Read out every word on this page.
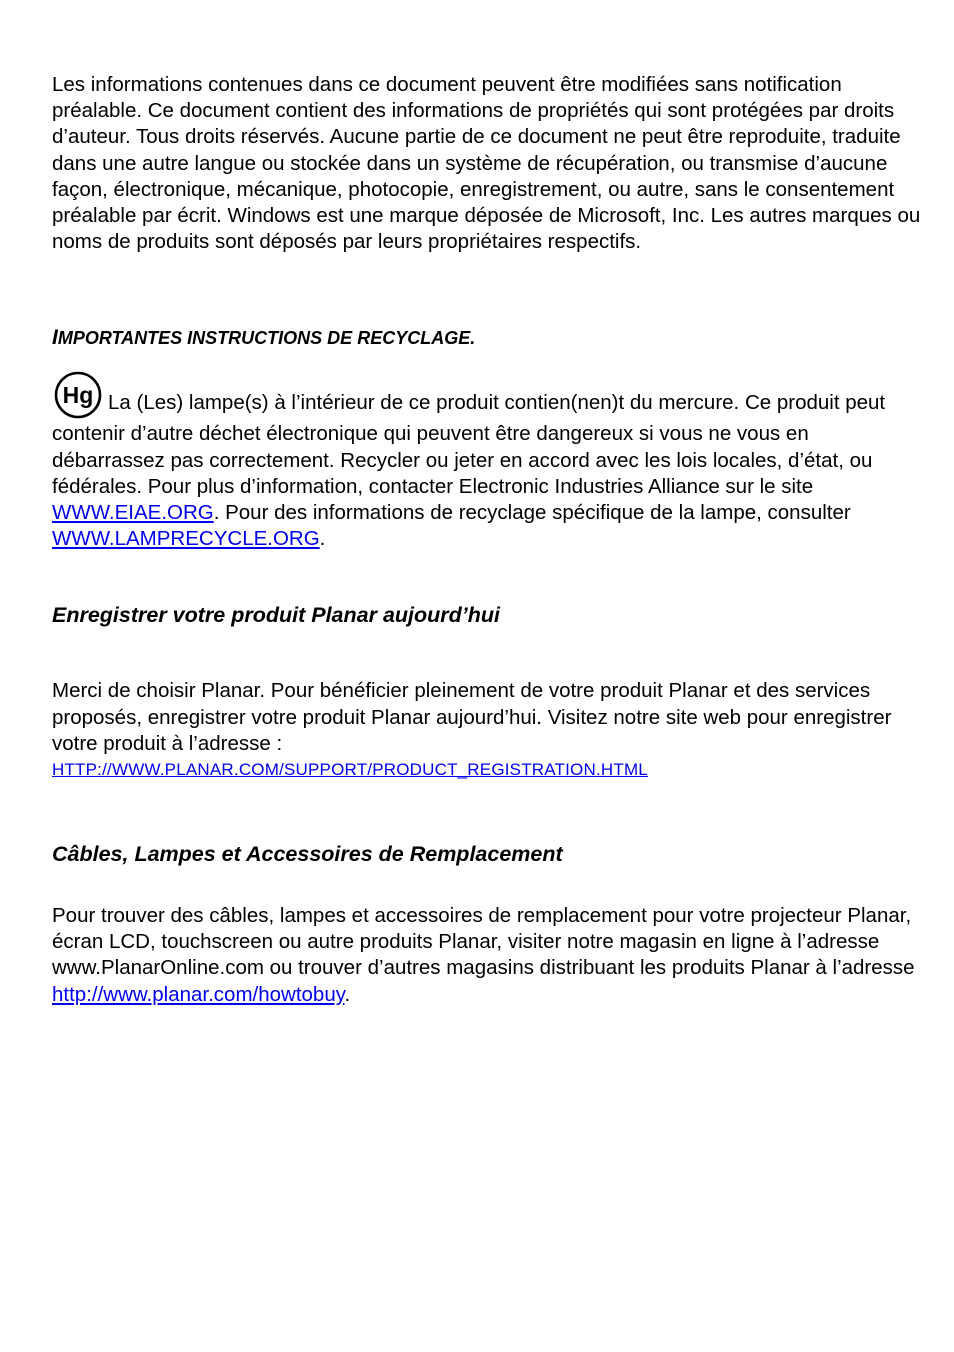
Les informations contenues dans ce document peuvent être modifiées sans notification préalable. Ce document contient des informations de propriétés qui sont protégées par droits d’auteur. Tous droits réservés. Aucune partie de ce document ne peut être reproduite, traduite dans une autre langue ou stockée dans un système de récupération, ou transmise d’aucune façon, électronique, mécanique, photocopie, enregistrement, ou autre, sans le consentement préalable par écrit. Windows est une marque déposée de Microsoft, Inc. Les autres marques ou noms de produits sont déposés par leurs propriétaires respectifs.

IMPORTANTES INSTRUCTIONS DE RECYCLAGE.

Hg La (Les) lampe(s) à l’intérieur de ce produit contien(nen)t du mercure. Ce produit peut contenir d’autre déchet électronique qui peuvent être dangereux si vous ne vous en débarrassez pas correctement. Recycler ou jeter en accord avec les lois locales, d’état, ou fédérales. Pour plus d’information, contacter Electronic Industries Alliance sur le site WWW.EIAE.ORG. Pour des informations de recyclage spécifique de la lampe, consulter WWW.LAMPRECYCLE.ORG.

Enregistrer votre produit Planar aujourd’hui

Merci de choisir Planar. Pour bénéficier pleinement de votre produit Planar et des services proposés, enregistrer votre produit Planar aujourd’hui. Visitez notre site web pour enregistrer votre produit à l’adresse :
HTTP://WWW.PLANAR.COM/SUPPORT/PRODUCT_REGISTRATION.HTML

Câbles, Lampes et Accessoires de Remplacement

Pour trouver des câbles, lampes et accessoires de remplacement pour votre projecteur Planar, écran LCD, touchscreen ou autre produits Planar, visiter notre magasin en ligne à l’adresse www.PlanarOnline.com ou trouver d’autres magasins distribuant les produits Planar à l’adresse http://www.planar.com/howtobuy.
